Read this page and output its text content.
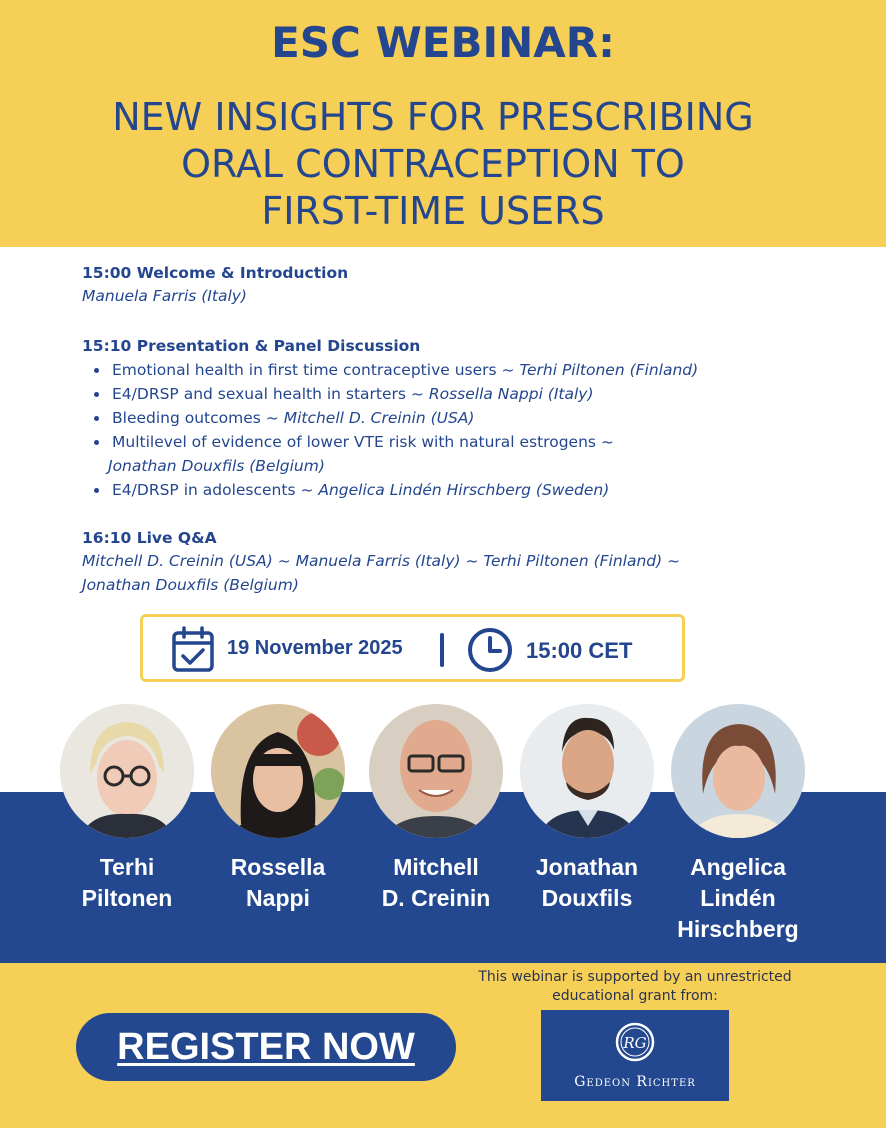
ESC WEBINAR:
NEW INSIGHTS FOR PRESCRIBING
ORAL CONTRACEPTION TO
FIRST-TIME USERS
15:00 Welcome & Introduction
Manuela Farris (Italy)
15:10 Presentation & Panel Discussion
Emotional health in first time contraceptive users ~ Terhi Piltonen (Finland)
E4/DRSP and sexual health in starters ~ Rossella Nappi (Italy)
Bleeding outcomes ~ Mitchell D. Creinin (USA)
Multilevel of evidence of lower VTE risk with natural estrogens ~
Jonathan Douxfils (Belgium)
E4/DRSP in adolescents ~ Angelica Lindén Hirschberg (Sweden)
16:10 Live Q&A
Mitchell D. Creinin (USA) ~ Manuela Farris (Italy) ~ Terhi Piltonen (Finland) ~
Jonathan Douxfils (Belgium)
19 November 2025	15:00 CET
Terhi
Piltonen
Rossella
Nappi
Mitchell
D. Creinin
Jonathan
Douxfils
Angelica
Lindén
Hirschberg
REGISTER NOW
This webinar is supported by an unrestricted
educational grant from:
RG
Gedeon Richter
